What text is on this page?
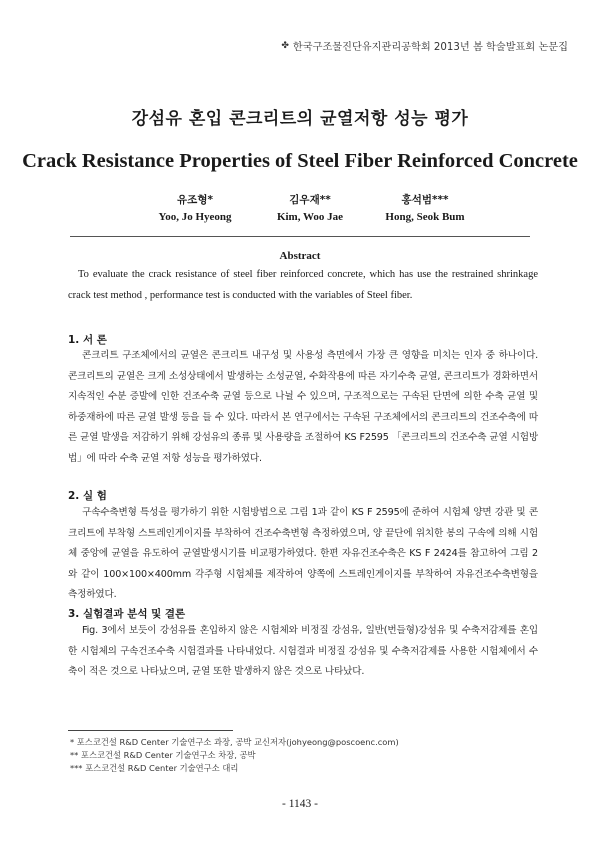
✤ 한국구조물진단유지관리공학회 2013년 봄 학술발표회 논문집
강섬유 혼입 콘크리트의 균열저항 성능 평가
Crack Resistance Properties of Steel Fiber Reinforced Concrete
유조형*
Yoo, Jo Hyeong
김우재**
Kim, Woo Jae
홍석범***
Hong, Seok Bum
Abstract
To evaluate the crack resistance of steel fiber reinforced concrete, which has use the restrained shrinkage crack test method , performance test is conducted with the variables of Steel fiber.
1. 서 론
콘크리트 구조체에서의 균열은 콘크리트 내구성 및 사용성 측면에서 가장 큰 영향을 미치는 인자 중 하나이다. 콘크리트의 균열은 크게 소성상태에서 발생하는 소성균열, 수화작용에 따른 자기수축 균열, 콘크리트가 경화하면서 지속적인 수분 증발에 인한 건조수축 균열 등으로 나뉠 수 있으며, 구조적으로는 구속된 단면에 의한 수축 균열 및 하중재하에 따른 균열 발생 등을 들 수 있다. 따라서 본 연구에서는 구속된 구조체에서의 콘크리트의 건조수축에 따른 균열 발생을 저감하기 위해 강섬유의 종류 및 사용량을 조절하여 KS F2595 「콘크리트의 건조수축 균열 시험방법」에 따라 수축 균열 저항 성능을 평가하였다.
2. 실 험
구속수축변형 특성을 평가하기 위한 시험방법으로 그림 1과 같이 KS F 2595에 준하여 시험체 양면 강관 및 콘크리트에 부착형 스트레인게이지를 부착하여 건조수축변형 측정하였으며, 양 끝단에 위치한 봉의 구속에 의해 시험체 중앙에 균열을 유도하여 균열발생시기를 비교평가하였다. 한편 자유건조수축은 KS F 2424를 참고하여 그림 2와 같이 100×100×400mm 각주형 시험체를 제작하여 양쪽에 스트레인게이지를 부착하여 자유건조수축변형을 측정하였다.
3. 실험결과 분석 및 결론
Fig. 3에서 보듯이 강섬유를 혼입하지 않은 시험체와 비정질 강섬유, 일반(번들형)강섬유 및 수축저감제를 혼입한 시험체의 구속건조수축 시험결과를 나타내었다. 시험결과 비정질 강섬유 및 수축저감제를 사용한 시험체에서 수축이 적은 것으로 나타났으며, 균열 또한 발생하지 않은 것으로 나타났다.
* 포스코건설 R&D Center 기술연구소 과장, 공박 교신저자(johyeong@poscoenc.com)
** 포스코건설 R&D Center 기술연구소 차장, 공박
*** 포스코건설 R&D Center 기술연구소 대리
- 1143 -
